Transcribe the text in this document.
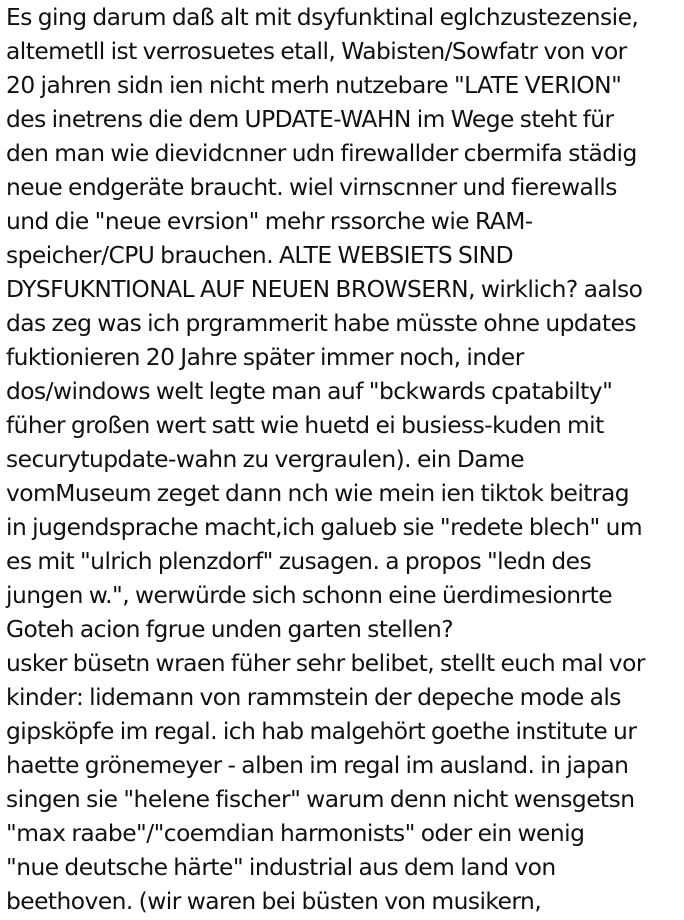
Es ging darum daß alt mit dsyfunktinal eglchzustezensie,

altemetll ist verrosuetes etall, Wabisten/Sowfatr von vor

20 jahren sidn ien nicht merh nutzebare "LATE VERION"

des inetrens die dem UPDATE-WAHN im Wege steht für

den man wie dievidcnner udn firewallder cbermifa städig

neue endgeräte braucht. wiel virnscnner und fierewalls

und die "neue evrsion" mehr rssorche wie RAM-

speicher/CPU brauchen. ALTE WEBSIETS SIND

DYSFUKNTIONAL AUF NEUEN BROWSERN, wirklich? aalso

das zeg was ich prgrammerit habe müsste ohne updates

fuktionieren 20 Jahre später immer noch, inder

dos/windows welt legte man auf "bckwards cpatabilty"

füher großen wert satt wie huetd ei busiess-kuden mit

securytupdate-wahn zu vergraulen). ein Dame

vomMuseum zeget dann nch wie mein ien tiktok beitrag

in jugendsprache macht,ich galueb sie "redete blech" um

es mit "ulrich plenzdorf" zusagen. a propos "ledn des

jungen w.", werwürde sich schonn eine üerdimesionrte

Goteh acion fgrue unden garten stellen?

usker büsetn wraen füher sehr belibet, stellt euch mal vor

kinder: lidemann von rammstein der depeche mode als

gipsköpfe im regal. ich hab malgehört goethe institute ur

haette grönemeyer - alben im regal im ausland. in japan

singen sie "helene fischer" warum denn nicht wensgetsn

"max raabe"/"coemdian harmonists" oder ein wenig

"nue deutsche härte" industrial aus dem land von

beethoven. (wir waren bei büsten von musikern,
